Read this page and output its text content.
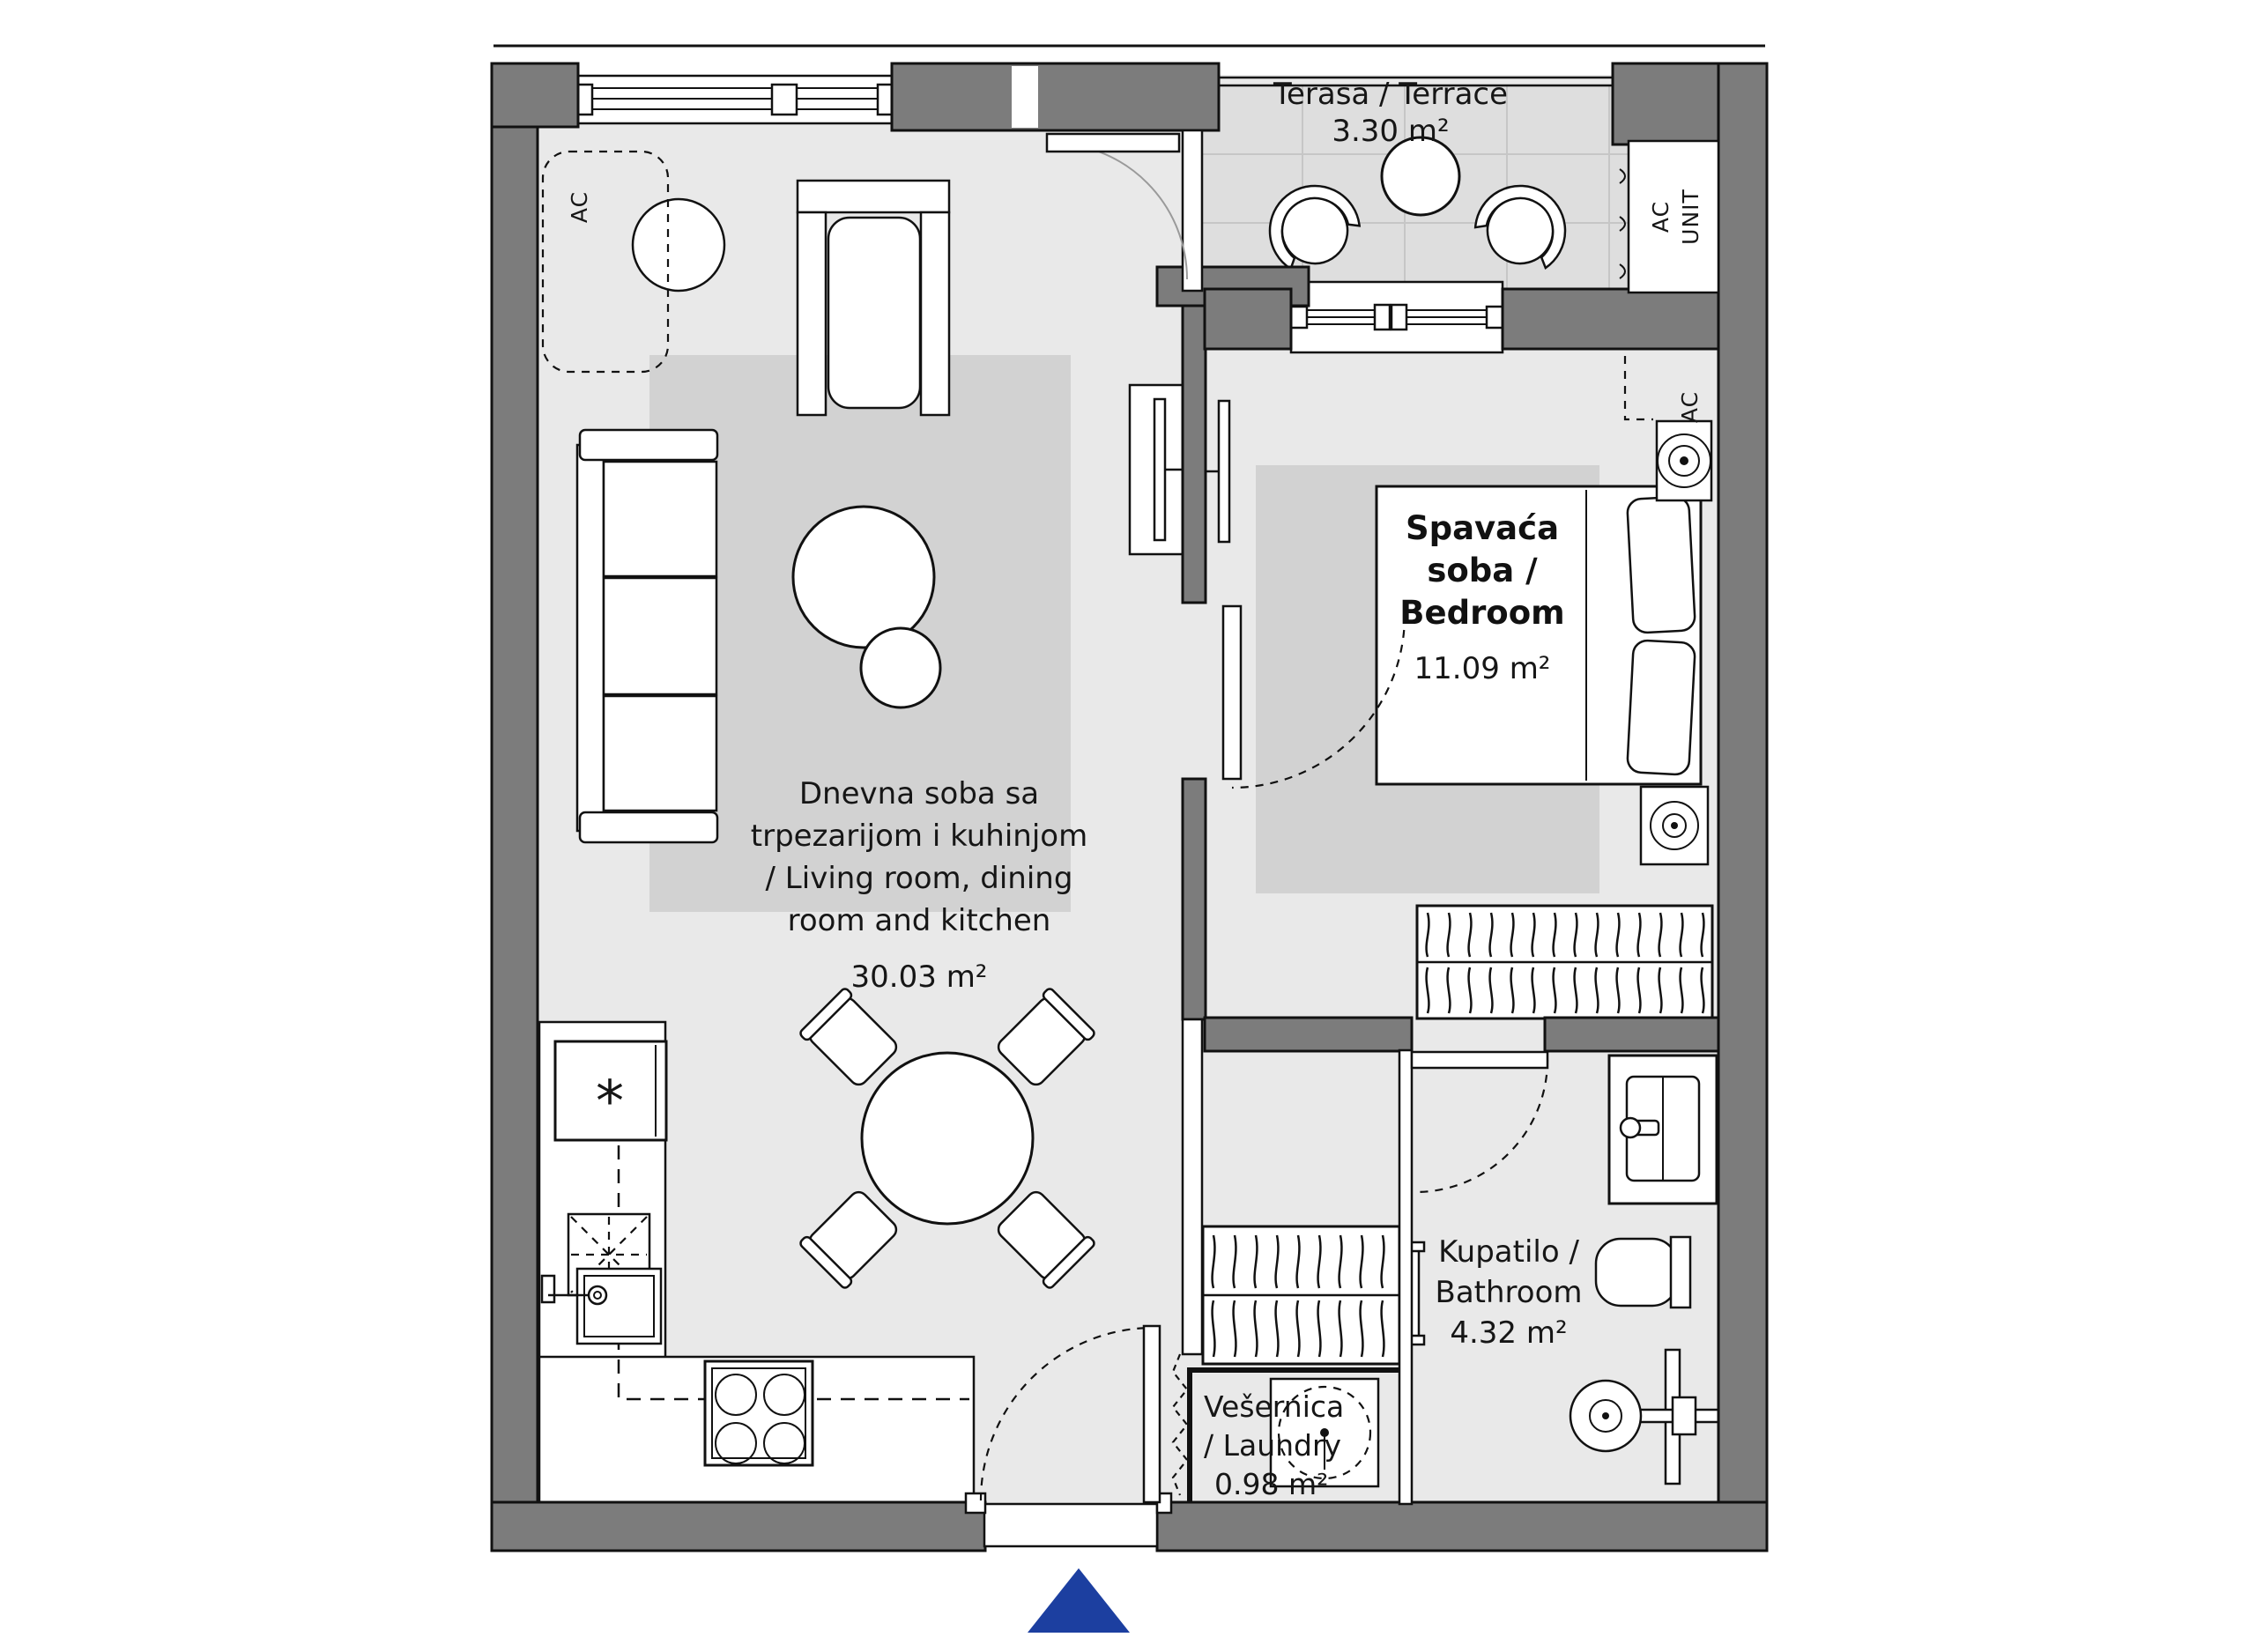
*
AC
AC
AC UNIT
Terasa / Terrace
3.30 m²
Spavaća
soba /
Bedroom
11.09 m²
Dnevna soba sa
trpezarijom i kuhinjom
/ Living room, dining
room and kitchen
30.03 m²
Kupatilo /
Bathroom
4.32 m²
Vešernica
/ Laundry
0.98 m²
